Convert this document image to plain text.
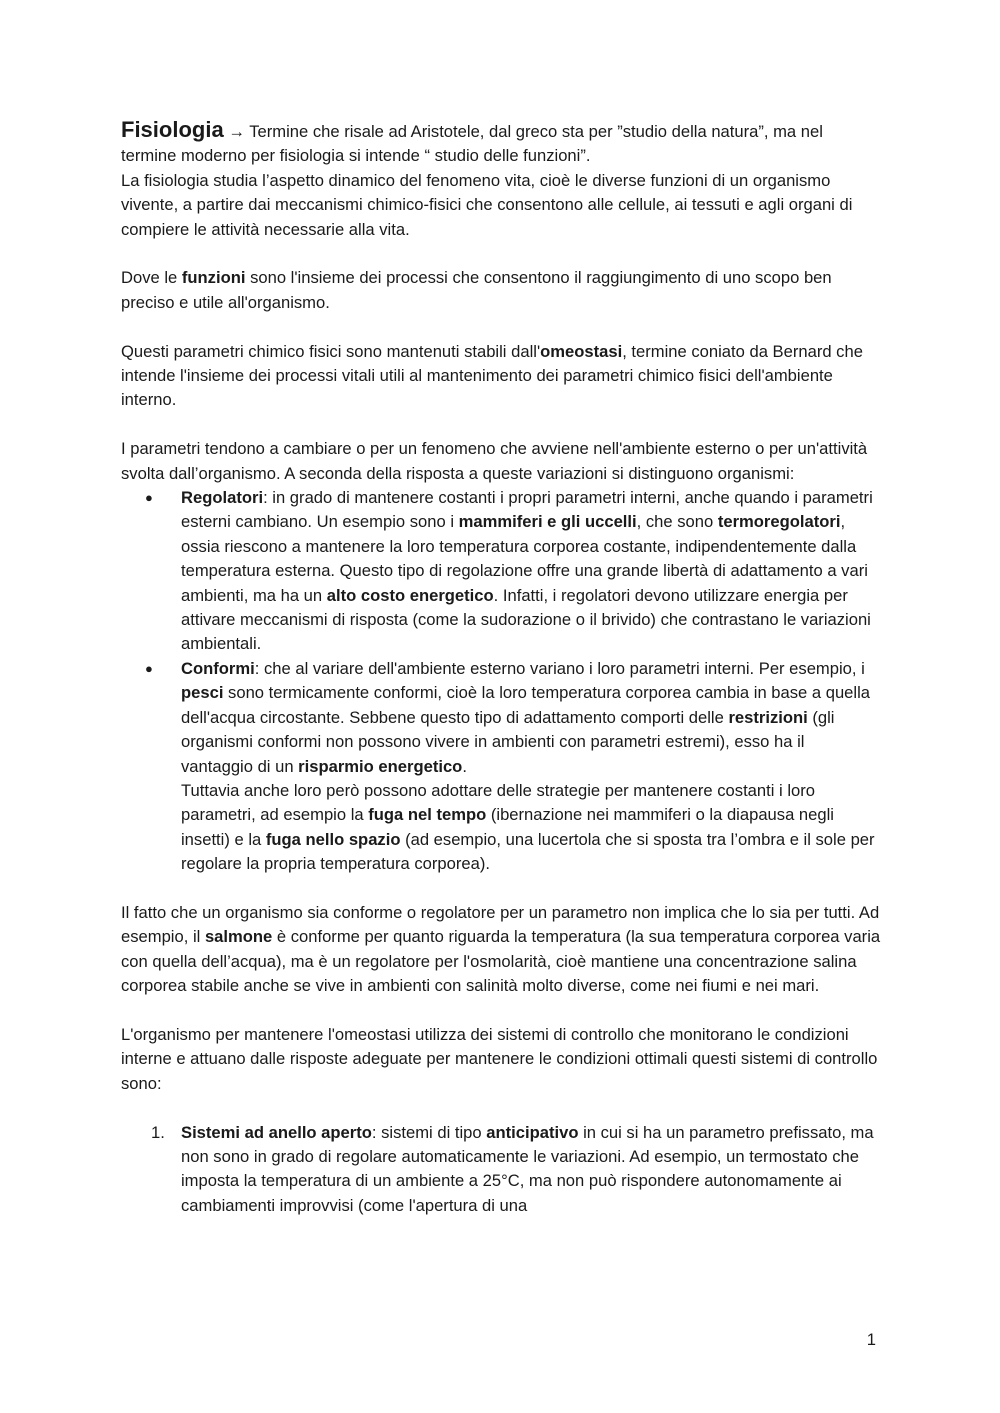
Fisiologia → Termine che risale ad Aristotele, dal greco sta per ”studio della natura”, ma nel termine moderno per fisiologia si intende “ studio delle funzioni”.
La fisiologia studia l’aspetto dinamico del fenomeno vita, cioè le diverse funzioni di un organismo vivente, a partire dai meccanismi chimico-fisici che consentono alle cellule, ai tessuti e agli organi di compiere le attività necessarie alla vita.

Dove le funzioni sono l'insieme dei processi che consentono il raggiungimento di uno scopo ben preciso e utile all'organismo.

Questi parametri chimico fisici sono mantenuti stabili dall'omeostasi, termine coniato da Bernard che intende l'insieme dei processi vitali utili al mantenimento dei parametri chimico fisici dell'ambiente interno.

I parametri tendono a cambiare o per un fenomeno che avviene nell'ambiente esterno o per un'attività svolta dall’organismo. A seconda della risposta a queste variazioni si distinguono organismi:

● Regolatori: in grado di mantenere costanti i propri parametri interni, anche quando i parametri esterni cambiano. Un esempio sono i mammiferi e gli uccelli, che sono termoregolatori, ossia riescono a mantenere la loro temperatura corporea costante, indipendentemente dalla temperatura esterna. Questo tipo di regolazione offre una grande libertà di adattamento a vari ambienti, ma ha un alto costo energetico. Infatti, i regolatori devono utilizzare energia per attivare meccanismi di risposta (come la sudorazione o il brivido) che contrastano le variazioni ambientali.
● Conformi: che al variare dell'ambiente esterno variano i loro parametri interni. Per esempio, i pesci sono termicamente conformi, cioè la loro temperatura corporea cambia in base a quella dell'acqua circostante. Sebbene questo tipo di adattamento comporti delle restrizioni (gli organismi conformi non possono vivere in ambienti con parametri estremi), esso ha il vantaggio di un risparmio energetico.
Tuttavia anche loro però possono adottare delle strategie per mantenere costanti i loro parametri, ad esempio la fuga nel tempo (ibernazione nei mammiferi o la diapausa negli insetti) e la fuga nello spazio (ad esempio, una lucertola che si sposta tra l’ombra e il sole per regolare la propria temperatura corporea).

Il fatto che un organismo sia conforme o regolatore per un parametro non implica che lo sia per tutti. Ad esempio, il salmone è conforme per quanto riguarda la temperatura (la sua temperatura corporea varia con quella dell’acqua), ma è un regolatore per l'osmolarità, cioè mantiene una concentrazione salina corporea stabile anche se vive in ambienti con salinità molto diverse, come nei fiumi e nei mari.

L'organismo per mantenere l'omeostasi utilizza dei sistemi di controllo che monitorano le condizioni interne e attuano dalle risposte adeguate per mantenere le condizioni ottimali questi sistemi di controllo sono:

1. Sistemi ad anello aperto: sistemi di tipo anticipativo in cui si ha un parametro prefissato, ma non sono in grado di regolare automaticamente le variazioni. Ad esempio, un termostato che imposta la temperatura di un ambiente a 25°C, ma non può rispondere autonomamente ai cambiamenti improvvisi (come l'apertura di una
1
